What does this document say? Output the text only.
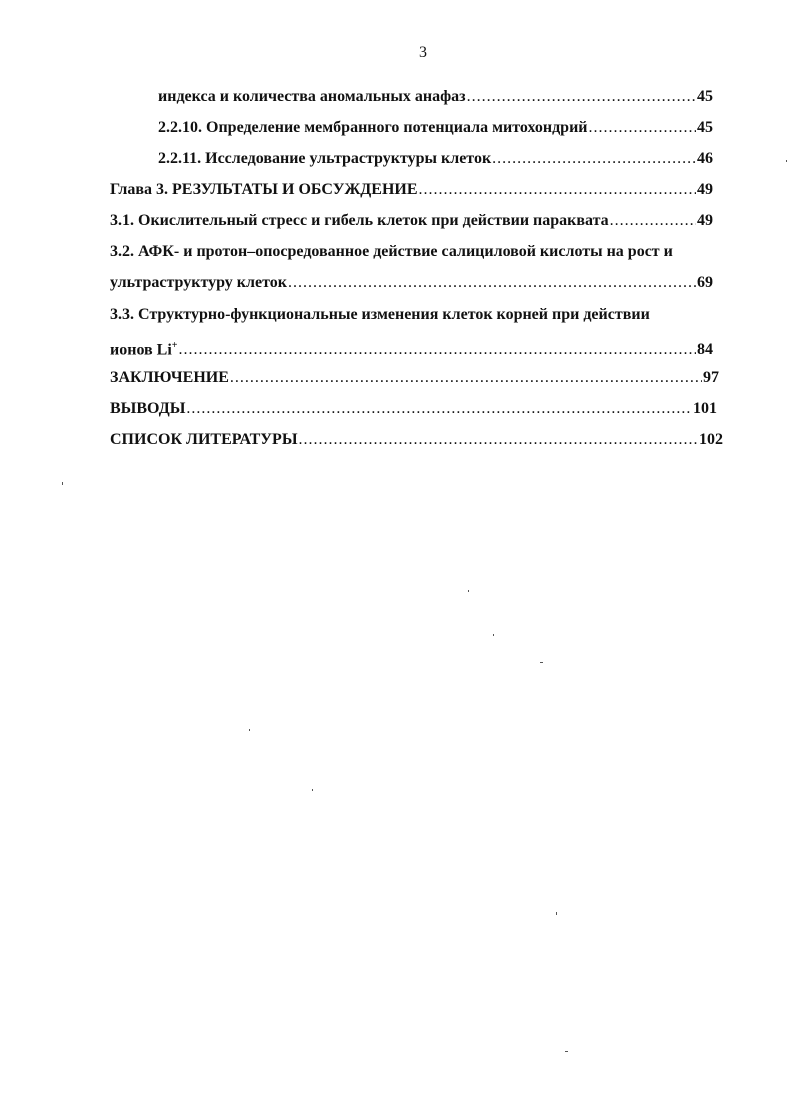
3
индекса и количества аномальных анафаз .....	45
2.2.10. Определение мембранного потенциала митохондрий .....	45
2.2.11. Исследование ультраструктуры клеток .....	46
Глава 3. РЕЗУЛЬТАТЫ И ОБСУЖДЕНИЕ .....	49
3.1. Окислительный стресс и гибель клеток при действии параквата .....	49
3.2. АФК- и протон–опосредованное действие салициловой кислоты на рост и
ультраструктуру клеток .....	69
3.3. Структурно-функциональные изменения клеток корней при действии
ионов Li+ .....	84
ЗАКЛЮЧЕНИЕ .....	97
ВЫВОДЫ .....	101
СПИСОК ЛИТЕРАТУРЫ .....	102
